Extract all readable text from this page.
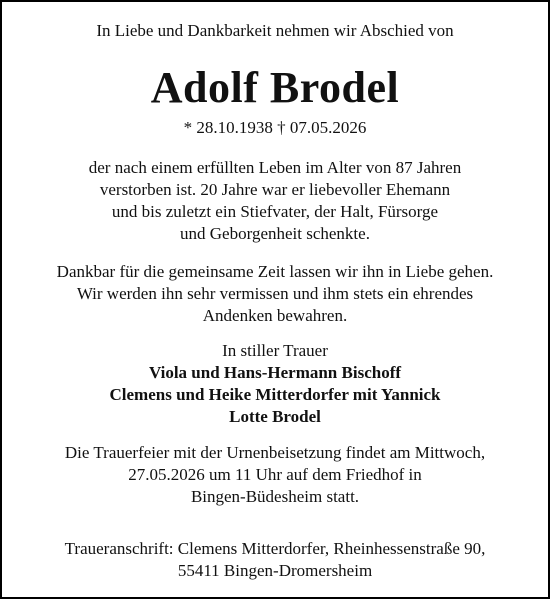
In Liebe und Dankbarkeit nehmen wir Abschied von

Adolf Brodel

* 28.10.1938 † 07.05.2026

der nach einem erfüllten Leben im Alter von 87 Jahren
verstorben ist. 20 Jahre war er liebevoller Ehemann
und bis zuletzt ein Stiefvater, der Halt, Fürsorge
und Geborgenheit schenkte.

Dankbar für die gemeinsame Zeit lassen wir ihn in Liebe gehen.
Wir werden ihn sehr vermissen und ihm stets ein ehrendes
Andenken bewahren.

In stiller Trauer
Viola und Hans-Hermann Bischoff
Clemens und Heike Mitterdorfer mit Yannick
Lotte Brodel

Die Trauerfeier mit der Urnenbeisetzung findet am Mittwoch,
27.05.2026 um 11 Uhr auf dem Friedhof in
Bingen-Büdesheim statt.

Traueranschrift: Clemens Mitterdorfer, Rheinhessenstraße 90,
55411 Bingen-Dromersheim
